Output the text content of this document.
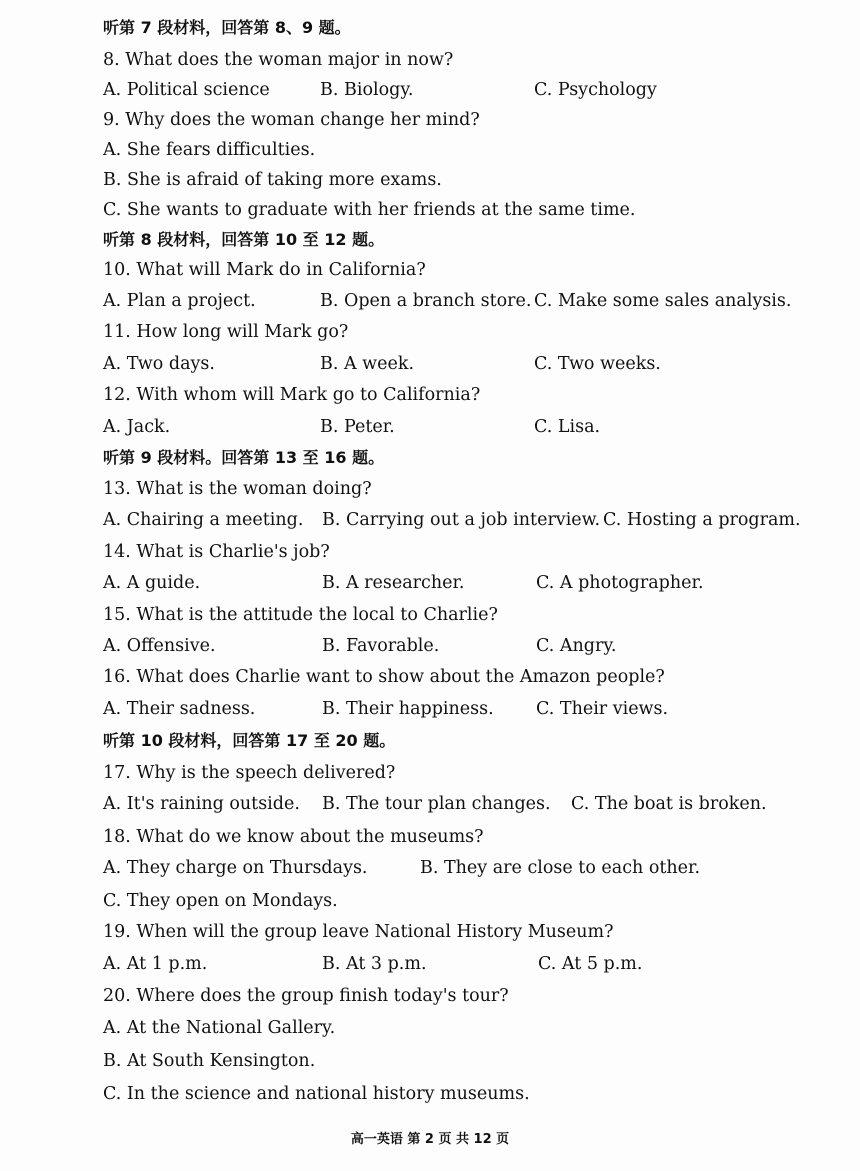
听第 7 段材料，回答第 8、9 题。
8. What does the woman major in now?
A. Political science	B. Biology.	C. Psychology
9. Why does the woman change her mind?
A. She fears difficulties.
B. She is afraid of taking more exams.
C. She wants to graduate with her friends at the same time.
听第 8 段材料，回答第 10 至 12 题。
10. What will Mark do in California?
A. Plan a project.	B. Open a branch store. C. Make some sales analysis.
11. How long will Mark go?
A. Two days.	B. A week.	C. Two weeks.
12. With whom will Mark go to California?
A. Jack.	B. Peter.	C. Lisa.
听第 9 段材料。回答第 13 至 16 题。
13. What is the woman doing?
A. Chairing a meeting. B. Carrying out a job interview. C. Hosting a program.
14. What is Charlie's job?
A. A guide.	B. A researcher.	C. A photographer.
15. What is the attitude the local to Charlie?
A. Offensive.	B. Favorable.	C. Angry.
16. What does Charlie want to show about the Amazon people?
A. Their sadness.	B. Their happiness. C. Their views.
听第 10 段材料，回答第 17 至 20 题。
17. Why is the speech delivered?
A. It's raining outside. B. The tour plan changes. C. The boat is broken.
18. What do we know about the museums?
A. They charge on Thursdays.	B. They are close to each other.
C. They open on Mondays.
19. When will the group leave National History Museum?
A. At 1 p.m.	B. At 3 p.m.	C. At 5 p.m.
20. Where does the group finish today's tour?
A. At the National Gallery.
B. At South Kensington.
C. In the science and national history museums.
高一英语 第 2 页 共 12 页
